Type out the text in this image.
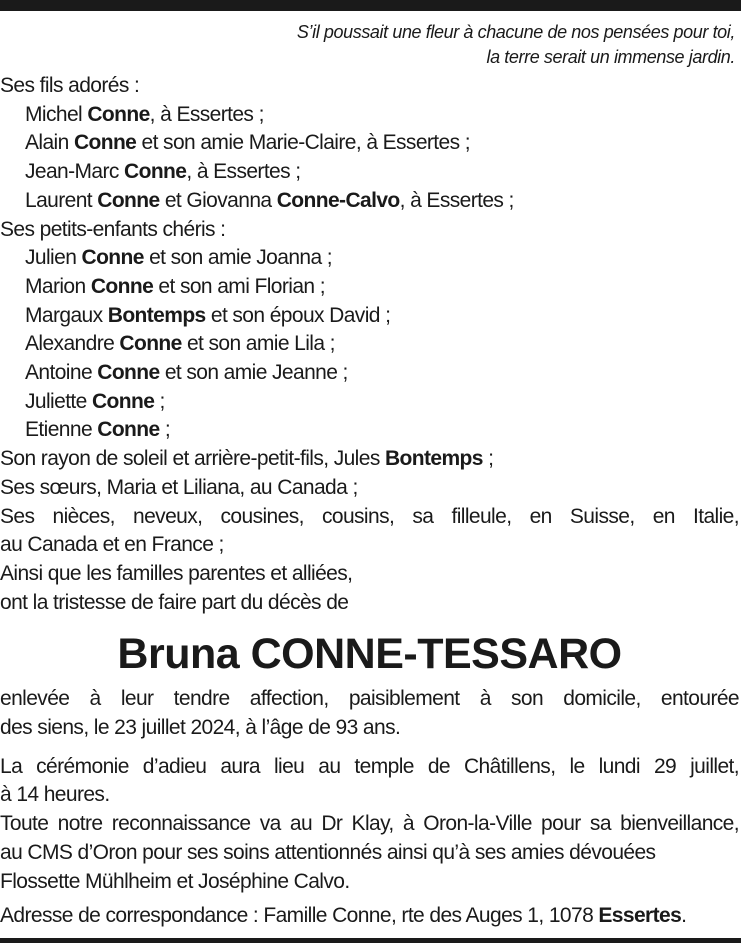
S’il poussait une fleur à chacune de nos pensées pour toi,
la terre serait un immense jardin.
Ses fils adorés :
Michel Conne, à Essertes ;
Alain Conne et son amie Marie-Claire, à Essertes ;
Jean-Marc Conne, à Essertes ;
Laurent Conne et Giovanna Conne-Calvo, à Essertes ;
Ses petits-enfants chéris :
Julien Conne et son amie Joanna ;
Marion Conne et son ami Florian ;
Margaux Bontemps et son époux David ;
Alexandre Conne et son amie Lila ;
Antoine Conne et son amie Jeanne ;
Juliette Conne ;
Etienne Conne ;
Son rayon de soleil et arrière-petit-fils, Jules Bontemps ;
Ses sœurs, Maria et Liliana, au Canada ;
Ses nièces, neveux, cousines, cousins, sa filleule, en Suisse, en Italie,
au Canada et en France ;
Ainsi que les familles parentes et alliées,
ont la tristesse de faire part du décès de
Bruna CONNE-TESSARO
enlevée à leur tendre affection, paisiblement à son domicile, entourée
des siens, le 23 juillet 2024, à l’âge de 93 ans.
La cérémonie d’adieu aura lieu au temple de Châtillens, le lundi 29 juillet,
à 14 heures.
Toute notre reconnaissance va au Dr Klay, à Oron-la-Ville pour sa bienveillance,
au CMS d’Oron pour ses soins attentionnés ainsi qu’à ses amies dévouées
Flossette Mühlheim et Joséphine Calvo.
Adresse de correspondance : Famille Conne, rte des Auges 1, 1078 Essertes.
